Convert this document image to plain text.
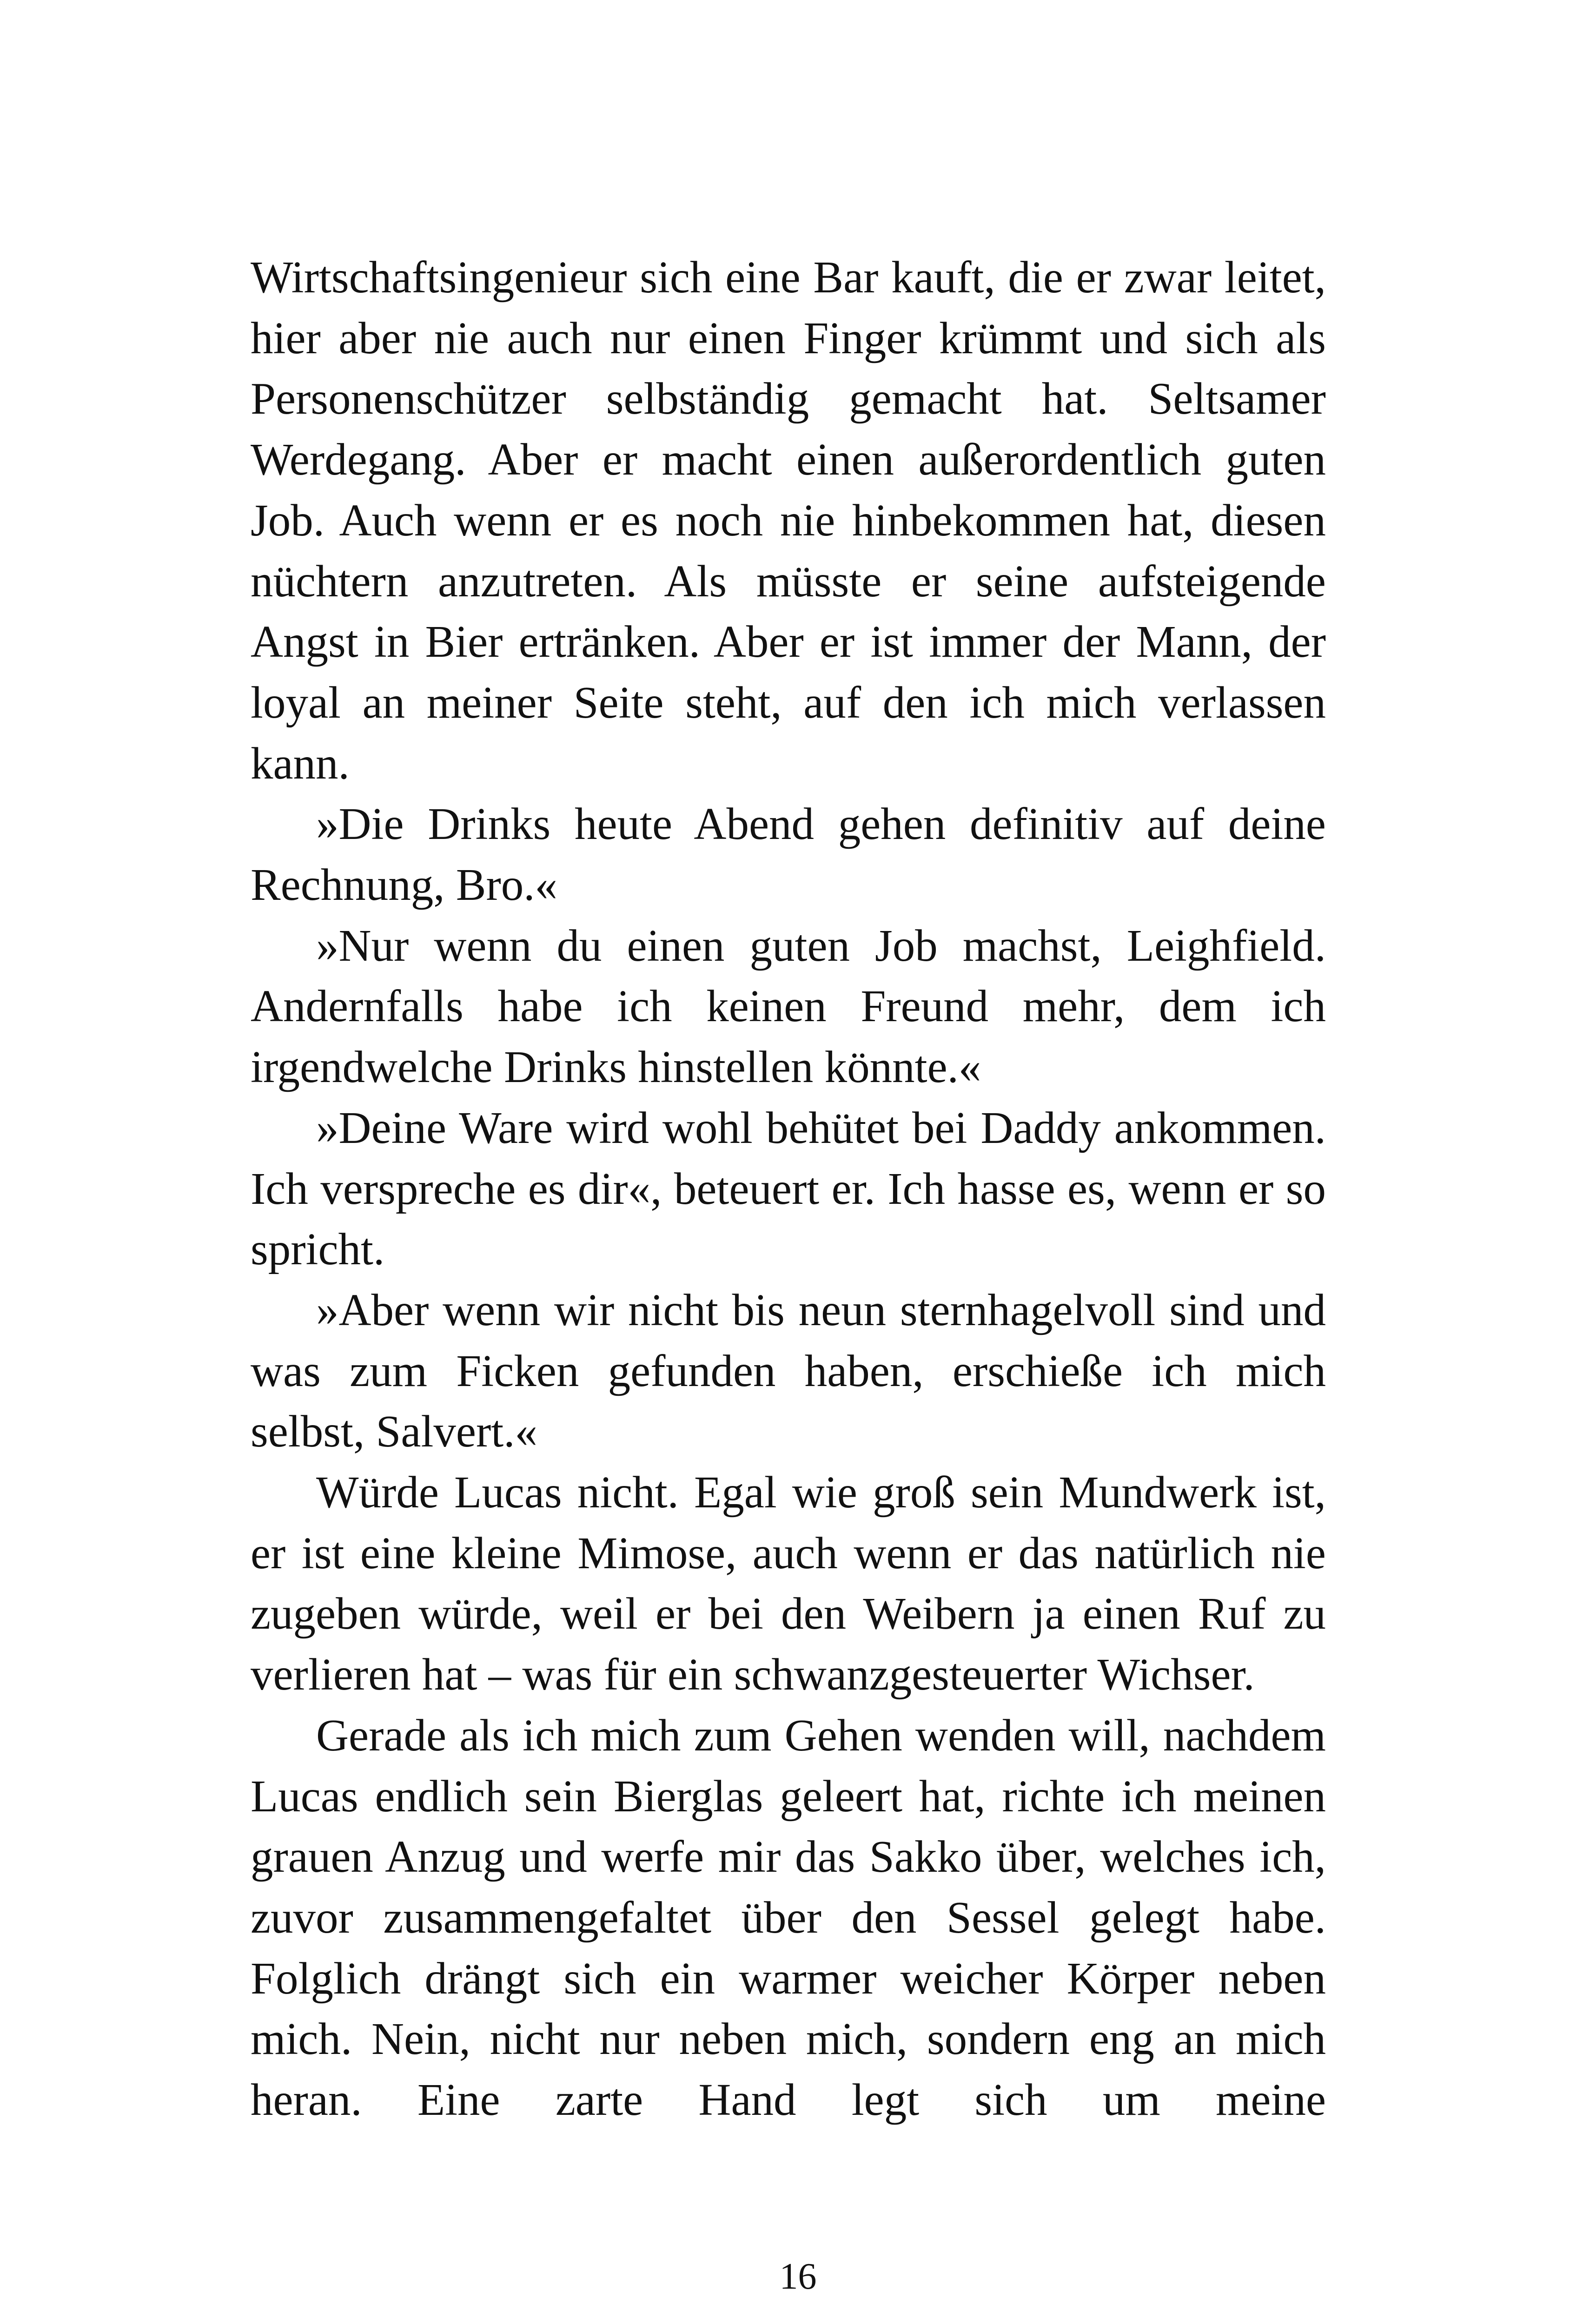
Wirtschaftsingenieur sich eine Bar kauft, die er zwar leitet, hier aber nie auch nur einen Finger krümmt und sich als Personenschützer selbständig gemacht hat. Seltsamer Werdegang. Aber er macht einen außerordentlich guten Job. Auch wenn er es noch nie hinbekommen hat, diesen nüchtern anzutreten. Als müsste er seine aufsteigende Angst in Bier ertränken. Aber er ist immer der Mann, der loyal an meiner Seite steht, auf den ich mich verlassen kann.

»Die Drinks heute Abend gehen definitiv auf deine Rechnung, Bro.«

»Nur wenn du einen guten Job machst, Leighfield. Andernfalls habe ich keinen Freund mehr, dem ich irgendwelche Drinks hinstellen könnte.«

»Deine Ware wird wohl behütet bei Daddy ankommen. Ich verspreche es dir«, beteuert er. Ich hasse es, wenn er so spricht.

»Aber wenn wir nicht bis neun sternhagelvoll sind und was zum Ficken gefunden haben, erschieße ich mich selbst, Salvert.«

Würde Lucas nicht. Egal wie groß sein Mundwerk ist, er ist eine kleine Mimose, auch wenn er das natürlich nie zugeben würde, weil er bei den Weibern ja einen Ruf zu verlieren hat – was für ein schwanzgesteuerter Wichser.

Gerade als ich mich zum Gehen wenden will, nachdem Lucas endlich sein Bierglas geleert hat, richte ich meinen grauen Anzug und werfe mir das Sakko über, welches ich, zuvor zusammengefaltet über den Sessel gelegt habe. Folglich drängt sich ein warmer weicher Körper neben mich. Nein, nicht nur neben mich, sondern eng an mich heran. Eine zarte Hand legt sich um meine

16
